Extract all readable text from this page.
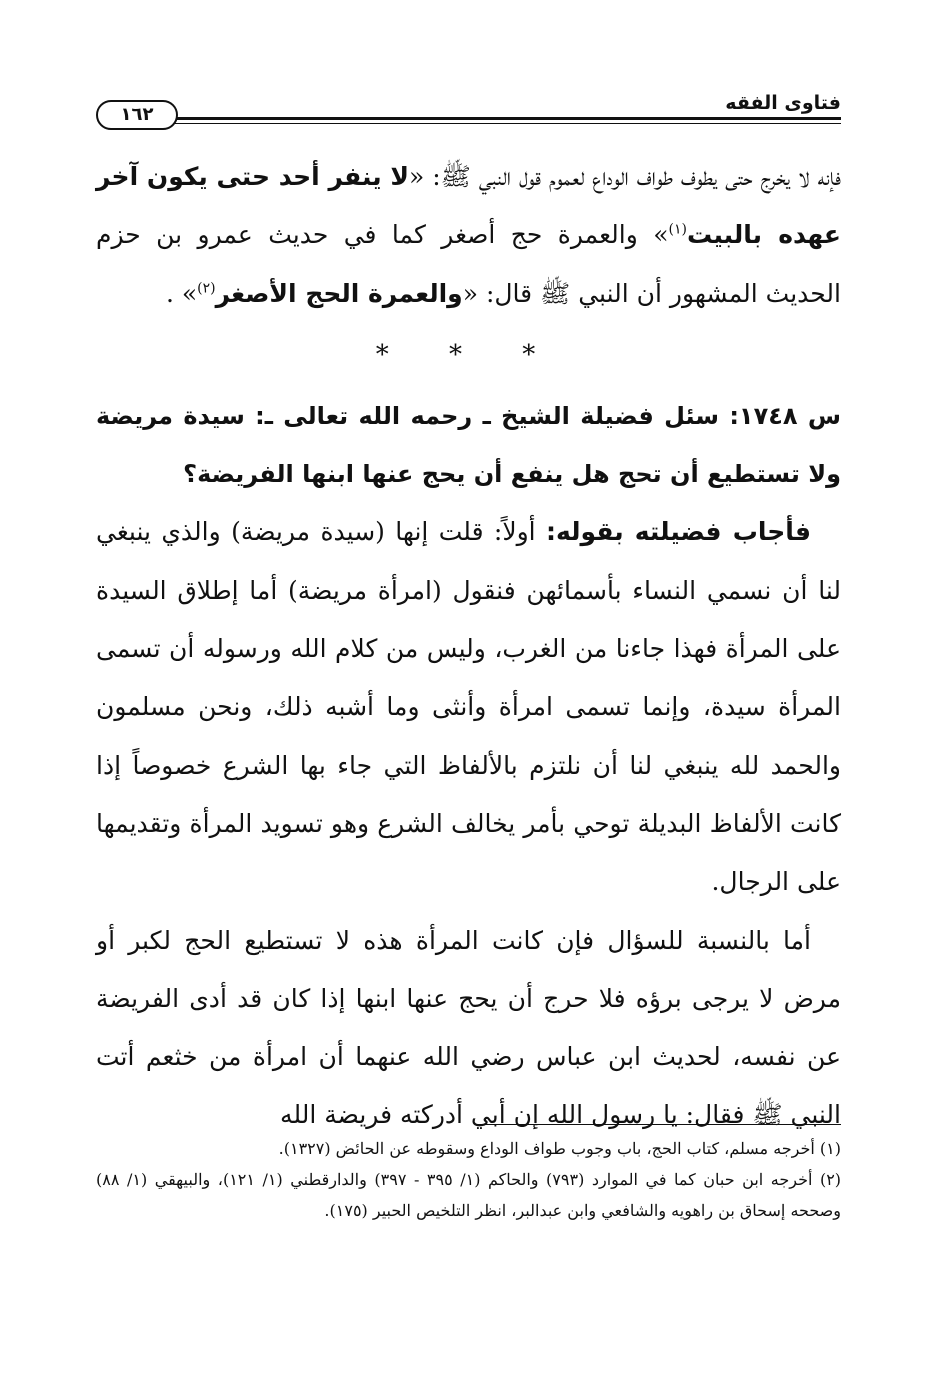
فتاوى الفقه
١٦٢

فإنه لا يخرج حتى يطوف طواف الوداع لعموم قول النبي ﷺ: «لا ينفر أحد حتى يكون آخر عهده بالبيت$^{(١)}$» والعمرة حج أصغر كما في حديث عمرو بن حزم الحديث المشهور أن النبي ﷺ قال: «والعمرة الحج الأصغر$^{(٢)}$» .

* * *

س ١٧٤٨: سئل فضيلة الشيخ ـ رحمه الله تعالى ـ: سيدة مريضة ولا تستطيع أن تحج هل ينفع أن يحج عنها ابنها الفريضة؟

فأجاب فضيلته بقوله: أولاً: قلت إنها (سيدة مريضة) والذي ينبغي لنا أن نسمي النساء بأسمائهن فنقول (امرأة مريضة) أما إطلاق السيدة على المرأة فهذا جاءنا من الغرب، وليس من كلام الله ورسوله أن تسمى المرأة سيدة، وإنما تسمى امرأة وأنثى وما أشبه ذلك، ونحن مسلمون والحمد لله ينبغي لنا أن نلتزم بالألفاظ التي جاء بها الشرع خصوصاً إذا كانت الألفاظ البديلة توحي بأمر يخالف الشرع وهو تسويد المرأة وتقديمها على الرجال.

أما بالنسبة للسؤال فإن كانت المرأة هذه لا تستطيع الحج لكبر أو مرض لا يرجى برؤه فلا حرج أن يحج عنها ابنها إذا كان قد أدى الفريضة عن نفسه، لحديث ابن عباس رضي الله عنهما أن امرأة من خثعم أتت النبي ﷺ فقال: يا رسول الله إن أبي أدركته فريضة الله

(١) أخرجه مسلم، كتاب الحج، باب وجوب طواف الوداع وسقوطه عن الحائض (١٣٢٧).

(٢) أخرجه ابن حبان كما في الموارد (٧٩٣) والحاكم (١/ ٣٩٥ - ٣٩٧) والدارقطني (١/ ١٢١)، والبيهقي (١/ ٨٨) وصححه إسحاق بن راهويه والشافعي وابن عبدالبر، انظر التلخيص الحبير (١٧٥).
